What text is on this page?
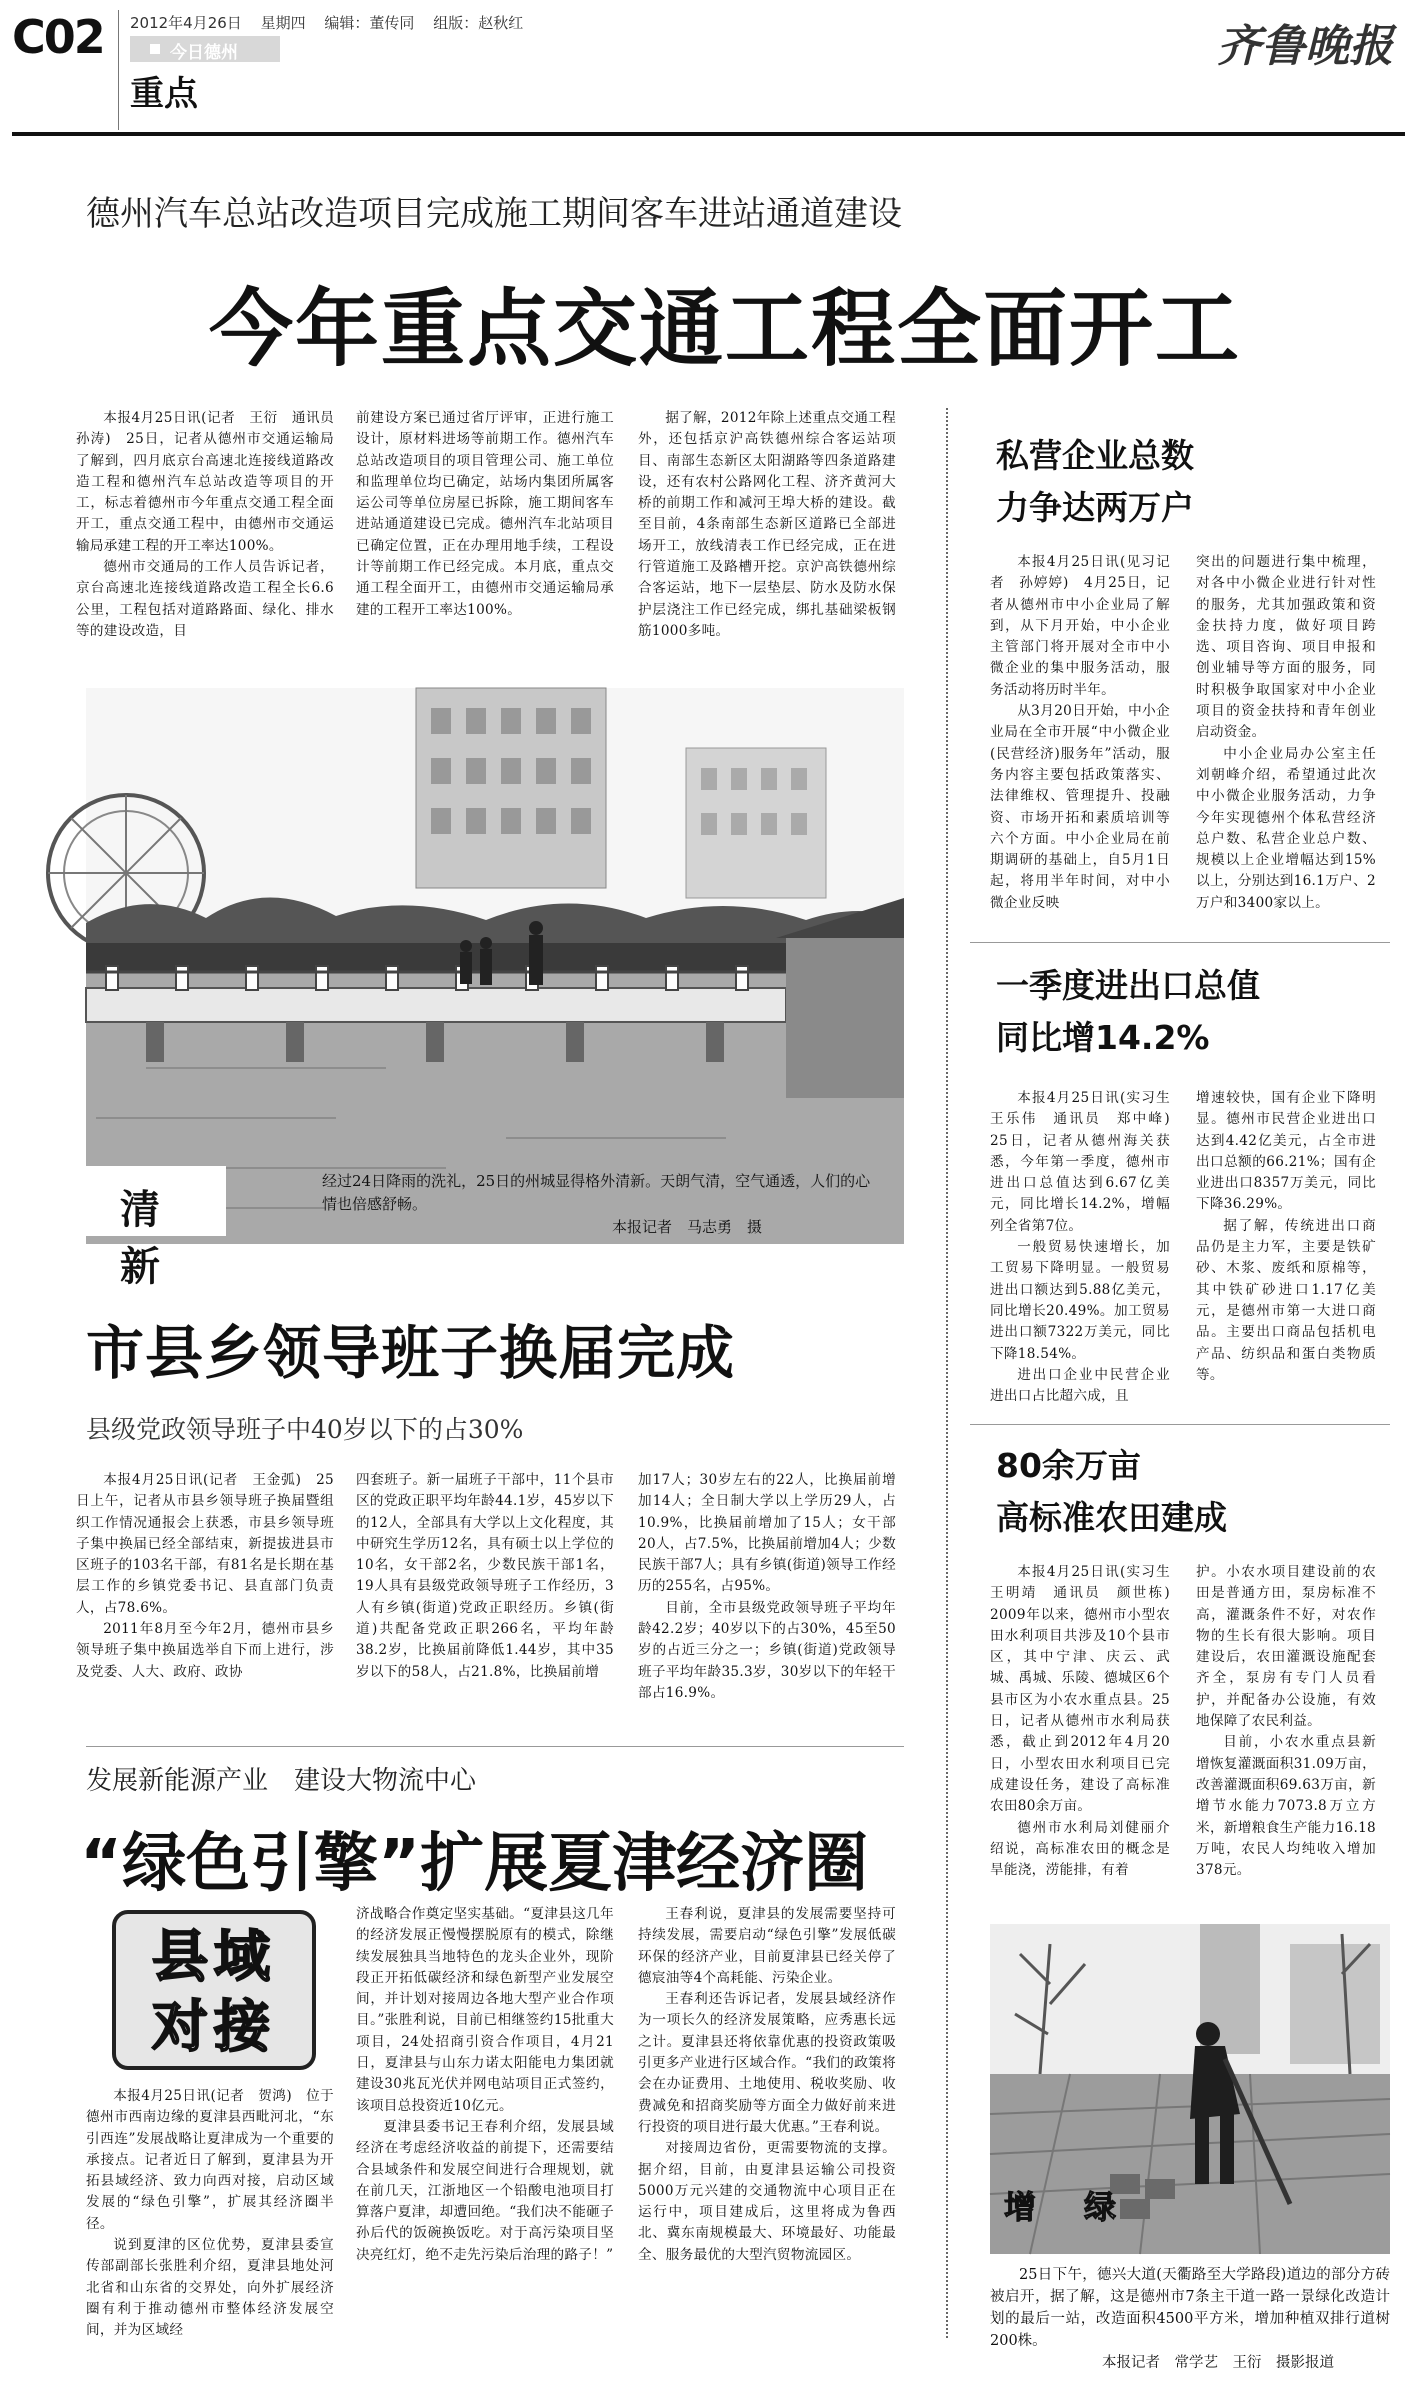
C02 2012年4月26日 星期四 编辑：董传同 组版：赵秋红
今日德州
重点
齐鲁晚报
德州汽车总站改造项目完成施工期间客车进站通道建设
今年重点交通工程全面开工

本报4月25日讯(记者　王衍　通讯员　孙涛)　25日，记者从德州市交通运输局了解到，四月底京台高速北连接线道路改造工程和德州汽车总站改造等项目的开工，标志着德州市今年重点交通工程全面开工，重点交通工程中，由德州市交通运输局承建工程的开工率达100%。

德州市交通局的工作人员告诉记者，京台高速北连接线道路改造工程全长6.6公里，工程包括对道路路面、绿化、排水等的建设改造，目

前建设方案已通过省厅评审，正进行施工设计，原材料进场等前期工作。德州汽车总站改造项目的项目管理公司、施工单位和监理单位均已确定，站场内集团所属客运公司等单位房屋已拆除，施工期间客车进站通道建设已完成。德州汽车北站项目已确定位置，正在办理用地手续，工程设计等前期工作已经完成。本月底，重点交通工程全面开工，由德州市交通运输局承建的工程开工率达100%。

据了解，2012年除上述重点交通工程外，还包括京沪高铁德州综合客运站项目、南部生态新区太阳湖路等四条道路建设，还有农村公路网化工程、济齐黄河大桥的前期工作和减河王埠大桥的建设。截至目前，4条南部生态新区道路已全部进场开工，放线清表工作已经完成，正在进行管道施工及路槽开挖。京沪高铁德州综合客运站，地下一层垫层、防水及防水保护层浇注工作已经完成，绑扎基础梁板钢筋1000多吨。

清　新
经过24日降雨的洗礼，25日的州城显得格外清新。天朗气清，空气通透，人们的心情也倍感舒畅。
本报记者　马志勇　摄
市县乡领导班子换届完成
县级党政领导班子中40岁以下的占30%

本报4月25日讯(记者　王金弧)　25日上午，记者从市县乡领导班子换届暨组织工作情况通报会上获悉，市县乡领导班子集中换届已经全部结束，新提拔进县市区班子的103名干部，有81名是长期在基层工作的乡镇党委书记、县直部门负责人，占78.6%。

2011年8月至今年2月，德州市县乡领导班子集中换届选举自下而上进行，涉及党委、人大、政府、政协

四套班子。新一届班子干部中，11个县市区的党政正职平均年龄44.1岁，45岁以下的12人，全部具有大学以上文化程度，其中研究生学历12名，具有硕士以上学位的10名，女干部2名，少数民族干部1名，19人具有县级党政领导班子工作经历，3人有乡镇(街道)党政正职经历。乡镇(街道)共配备党政正职266名，平均年龄38.2岁，比换届前降低1.44岁，其中35岁以下的58人，占21.8%，比换届前增

加17人；30岁左右的22人，比换届前增加14人；全日制大学以上学历29人，占10.9%，比换届前增加了15人；女干部20人，占7.5%，比换届前增加4人；少数民族干部7人；具有乡镇(街道)领导工作经历的255名，占95%。

目前，全市县级党政领导班子平均年龄42.2岁；40岁以下的占30%，45至50岁的占近三分之一；乡镇(街道)党政领导班子平均年龄35.3岁，30岁以下的年轻干部占16.9%。

发展新能源产业　建设大物流中心
“绿色引擎”扩展夏津经济圈
县域
对接

本报4月25日讯(记者　贺鸿)　位于德州市西南边缘的夏津县西毗河北，“东引西连”发展战略让夏津成为一个重要的承接点。记者近日了解到，夏津县为开拓县域经济、致力向西对接，启动区域发展的“绿色引擎”，扩展其经济圈半径。

说到夏津的区位优势，夏津县委宣传部副部长张胜利介绍，夏津县地处河北省和山东省的交界处，向外扩展经济圈有利于推动德州市整体经济发展空间，并为区域经

济战略合作奠定坚实基础。“夏津县这几年的经济发展正慢慢摆脱原有的模式，除继续发展独具当地特色的龙头企业外，现阶段正开拓低碳经济和绿色新型产业发展空间，并计划对接周边各地大型产业合作项目。”张胜利说，目前已相继签约15批重大项目，24处招商引资合作项目，4月21日，夏津县与山东力诺太阳能电力集团就建设30兆瓦光伏并网电站项目正式签约，该项目总投资近10亿元。

夏津县委书记王春利介绍，发展县域经济在考虑经济收益的前提下，还需要结合县域条件和发展空间进行合理规划，就在前几天，江浙地区一个铅酸电池项目打算落户夏津，却遭回绝。“我们决不能砸子孙后代的饭碗换饭吃。对于高污染项目坚决亮红灯，绝不走先污染后治理的路子！”

王春利说，夏津县的发展需要坚持可持续发展，需要启动“绿色引擎”发展低碳环保的经济产业，目前夏津县已经关停了德宸油等4个高耗能、污染企业。

王春利还告诉记者，发展县域经济作为一项长久的经济发展策略，应秀惠长远之计。夏津县还将依靠优惠的投资政策吸引更多产业进行区域合作。“我们的政策将会在办证费用、土地使用、税收奖励、收费减免和招商奖励等方面全力做好前来进行投资的项目进行最大优惠。”王春利说。

对接周边省份，更需要物流的支撑。据介绍，目前，由夏津县运输公司投资5000万元兴建的交通物流中心项目正在运行中，项目建成后，这里将成为鲁西北、冀东南规模最大、环境最好、功能最全、服务最优的大型汽贸物流园区。

私营企业总数
力争达两万户

本报4月25日讯(见习记者　孙婷婷)　4月25日，记者从德州市中小企业局了解到，从下月开始，中小企业主管部门将开展对全市中小微企业的集中服务活动，服务活动将历时半年。

从3月20日开始，中小企业局在全市开展“中小微企业(民营经济)服务年”活动，服务内容主要包括政策落实、法律维权、管理提升、投融资、市场开拓和素质培训等六个方面。中小企业局在前期调研的基础上，自5月1日起，将用半年时间，对中小微企业反映

突出的问题进行集中梳理，对各中小微企业进行针对性的服务，尤其加强政策和资金扶持力度，做好项目跨选、项目咨询、项目申报和创业辅导等方面的服务，同时积极争取国家对中小企业项目的资金扶持和青年创业启动资金。

中小企业局办公室主任刘朝峰介绍，希望通过此次中小微企业服务活动，力争今年实现德州个体私营经济总户数、私营企业总户数、规模以上企业增幅达到15%以上，分别达到16.1万户、2万户和3400家以上。

一季度进出口总值
同比增14.2%

本报4月25日讯(实习生　王乐伟　通讯员　郑中峰)　25日，记者从德州海关获悉，今年第一季度，德州市进出口总值达到6.67亿美元，同比增长14.2%，增幅列全省第7位。

一般贸易快速增长，加工贸易下降明显。一般贸易进出口额达到5.88亿美元，同比增长20.49%。加工贸易进出口额7322万美元，同比下降18.54%。

进出口企业中民营企业进出口占比超六成，且

增速较快，国有企业下降明显。德州市民营企业进出口达到4.42亿美元，占全市进出口总额的66.21%；国有企业进出口8357万美元，同比下降36.29%。

据了解，传统进出口商品仍是主力军，主要是铁矿砂、木浆、废纸和原棉等，其中铁矿砂进口1.17亿美元，是德州市第一大进口商品。主要出口商品包括机电产品、纺织品和蛋白类物质等。

80余万亩
高标准农田建成

本报4月25日讯(实习生　王明靖　通讯员　颜世栋)　2009年以来，德州市小型农田水利项目共涉及10个县市区，其中宁津、庆云、武城、禹城、乐陵、德城区6个县市区为小农水重点县。25日，记者从德州市水利局获悉，截止到2012年4月20日，小型农田水利项目已完成建设任务，建设了高标准农田80余万亩。

德州市水利局刘健丽介绍说，高标准农田的概念是旱能浇，涝能排，有着

护。小农水项目建设前的农田是普通方田，泵房标准不高，灌溉条件不好，对农作物的生长有很大影响。项目建设后，农田灌溉设施配套齐全，泵房有专门人员看护，并配备办公设施，有效地保障了农民利益。

目前，小农水重点县新增恢复灌溉面积31.09万亩，改善灌溉面积69.63万亩，新增节水能力7073.8万立方米，新增粮食生产能力16.18万吨，农民人均纯收入增加378元。

增　绿
25日下午，德兴大道(天衢路至大学路段)道边的部分方砖被启开，据了解，这是德州市7条主干道一路一景绿化改造计划的最后一站，改造面积4500平方米，增加种植双排行道树200株。
本报记者　常学艺　王衍　摄影报道
